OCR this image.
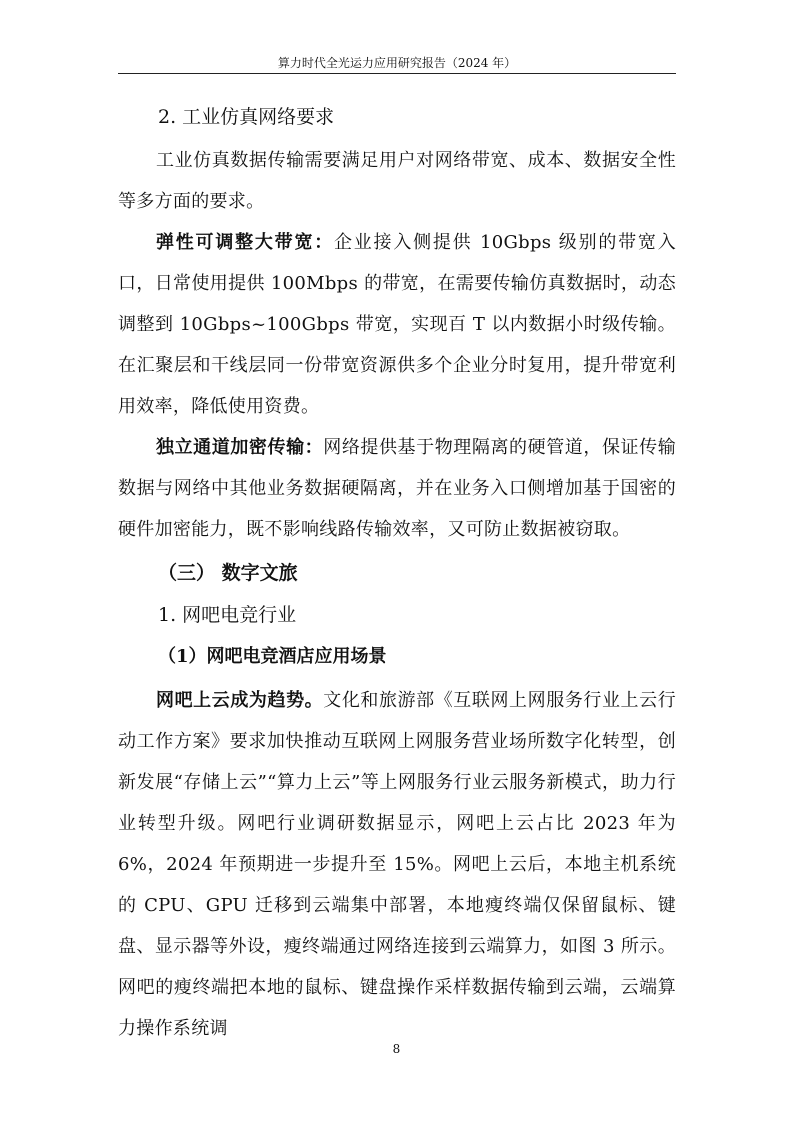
算力时代全光运力应用研究报告（2024 年）
2. 工业仿真网络要求

工业仿真数据传输需要满足用户对网络带宽、成本、数据安全性等多方面的要求。

弹性可调整大带宽：企业接入侧提供 10Gbps 级别的带宽入口，日常使用提供 100Mbps 的带宽，在需要传输仿真数据时，动态调整到 10Gbps~100Gbps 带宽，实现百 T 以内数据小时级传输。在汇聚层和干线层同一份带宽资源供多个企业分时复用，提升带宽利用效率，降低使用资费。

独立通道加密传输：网络提供基于物理隔离的硬管道，保证传输数据与网络中其他业务数据硬隔离，并在业务入口侧增加基于国密的硬件加密能力，既不影响线路传输效率，又可防止数据被窃取。

（三） 数字文旅
1. 网吧电竞行业
（1）网吧电竞酒店应用场景

网吧上云成为趋势。文化和旅游部《互联网上网服务行业上云行动工作方案》要求加快推动互联网上网服务营业场所数字化转型，创新发展“存储上云”“算力上云”等上网服务行业云服务新模式，助力行业转型升级。网吧行业调研数据显示，网吧上云占比 2023 年为 6%，2024 年预期进一步提升至 15%。网吧上云后，本地主机系统的 CPU、GPU 迁移到云端集中部署，本地瘦终端仅保留鼠标、键盘、显示器等外设，瘦终端通过网络连接到云端算力，如图 3 所示。网吧的瘦终端把本地的鼠标、键盘操作采样数据传输到云端，云端算力操作系统调

8
